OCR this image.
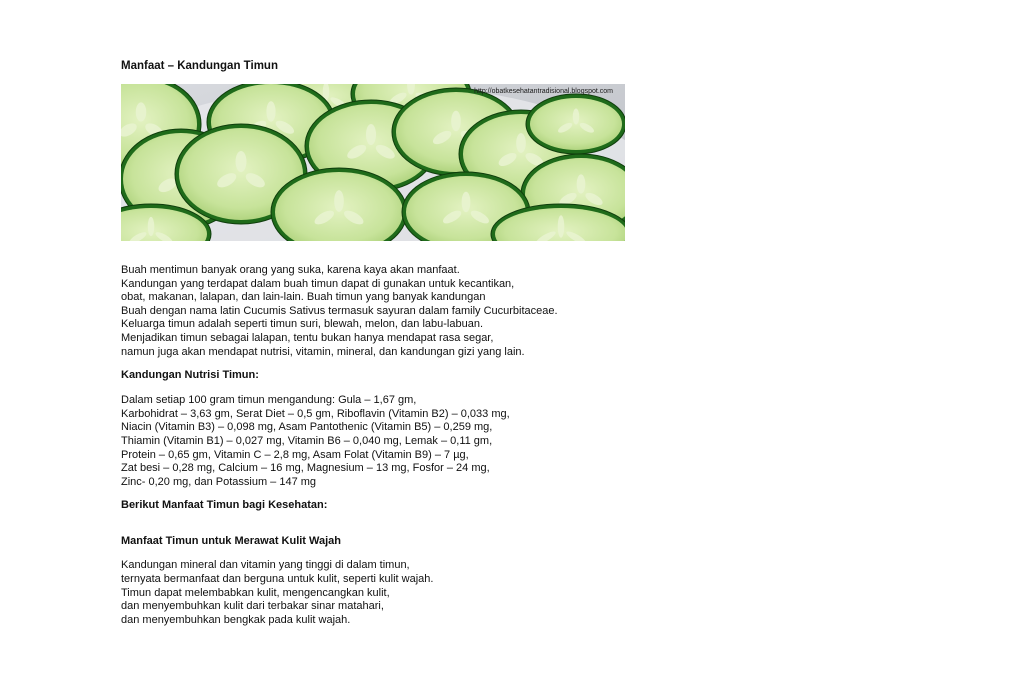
Manfaat – Kandungan Timun
http://obatkesehatantradisional.blogspot.com

Buah mentimun banyak orang yang suka, karena kaya akan manfaat.
Kandungan yang terdapat dalam buah timun dapat di gunakan untuk kecantikan,
obat, makanan, lalapan, dan lain-lain. Buah timun yang banyak kandungan
Buah dengan nama latin Cucumis Sativus termasuk sayuran dalam family Cucurbitaceae.
Keluarga timun adalah seperti timun suri, blewah, melon, dan labu-labuan.
Menjadikan timun sebagai lalapan, tentu bukan hanya mendapat rasa segar,
namun juga akan mendapat nutrisi, vitamin, mineral, dan kandungan gizi yang lain.

Kandungan Nutrisi Timun:

Dalam setiap 100 gram timun mengandung: Gula – 1,67 gm,
Karbohidrat – 3,63 gm, Serat Diet – 0,5 gm, Riboflavin (Vitamin B2) – 0,033 mg,
Niacin (Vitamin B3) – 0,098 mg, Asam Pantothenic (Vitamin B5) – 0,259 mg,
Thiamin (Vitamin B1) – 0,027 mg, Vitamin B6 – 0,040 mg, Lemak – 0,11 gm,
Protein – 0,65 gm, Vitamin C – 2,8 mg, Asam Folat (Vitamin B9) – 7 µg,
Zat besi – 0,28 mg, Calcium – 16 mg, Magnesium – 13 mg, Fosfor – 24 mg,
Zinc- 0,20 mg, dan Potassium – 147 mg

Berikut Manfaat Timun bagi Kesehatan:
Manfaat Timun untuk Merawat Kulit Wajah

Kandungan mineral dan vitamin yang tinggi di dalam timun,
ternyata bermanfaat dan berguna untuk kulit, seperti kulit wajah.
Timun dapat melembabkan kulit, mengencangkan kulit,
dan menyembuhkan kulit dari terbakar sinar matahari,
dan menyembuhkan bengkak pada kulit wajah.
